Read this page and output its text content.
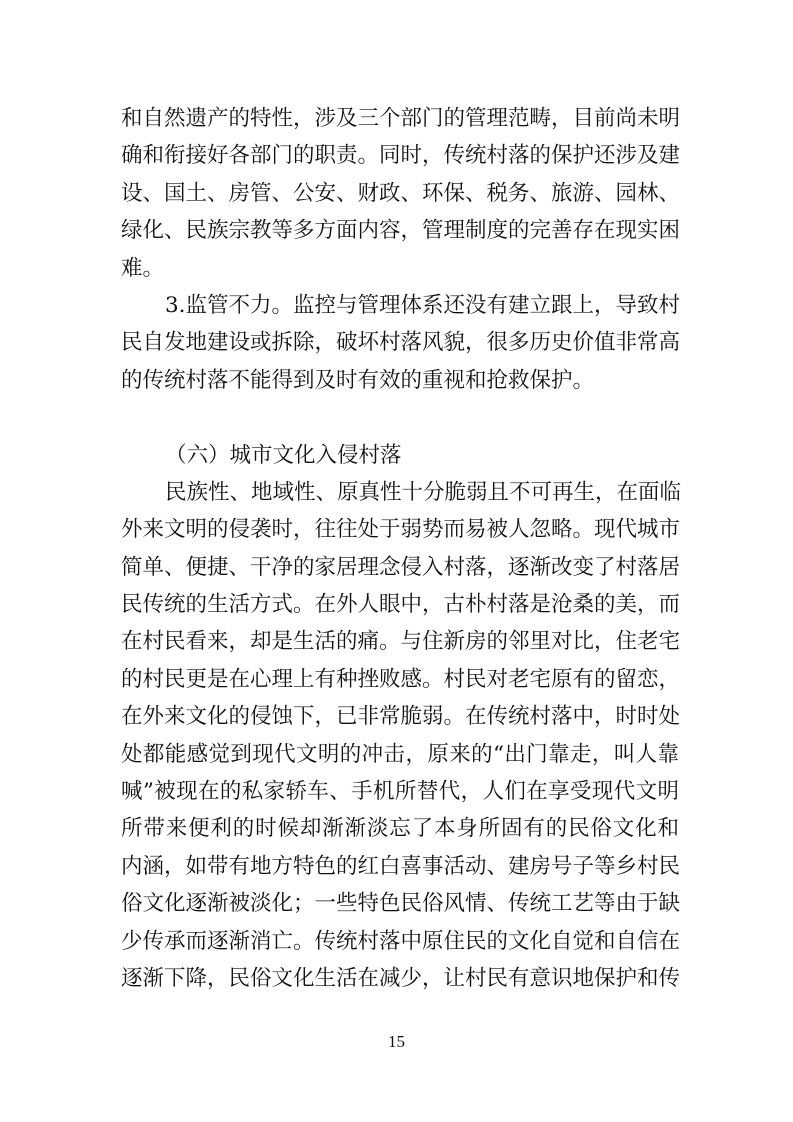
和自然遗产的特性，涉及三个部门的管理范畴，目前尚未明
确和衔接好各部门的职责。同时，传统村落的保护还涉及建
设、国土、房管、公安、财政、环保、税务、旅游、园林、
绿化、民族宗教等多方面内容，管理制度的完善存在现实困
难。
3.监管不力。监控与管理体系还没有建立跟上，导致村
民自发地建设或拆除，破坏村落风貌，很多历史价值非常高
的传统村落不能得到及时有效的重视和抢救保护。
（六）城市文化入侵村落
民族性、地域性、原真性十分脆弱且不可再生，在面临
外来文明的侵袭时，往往处于弱势而易被人忽略。现代城市
简单、便捷、干净的家居理念侵入村落，逐渐改变了村落居
民传统的生活方式。在外人眼中，古朴村落是沧桑的美，而
在村民看来，却是生活的痛。与住新房的邻里对比，住老宅
的村民更是在心理上有种挫败感。村民对老宅原有的留恋，
在外来文化的侵蚀下，已非常脆弱。在传统村落中，时时处
处都能感觉到现代文明的冲击，原来的“出门靠走，叫人靠
喊”被现在的私家轿车、手机所替代，人们在享受现代文明
所带来便利的时候却渐渐淡忘了本身所固有的民俗文化和
内涵，如带有地方特色的红白喜事活动、建房号子等乡村民
俗文化逐渐被淡化；一些特色民俗风情、传统工艺等由于缺
少传承而逐渐消亡。传统村落中原住民的文化自觉和自信在
逐渐下降，民俗文化生活在减少，让村民有意识地保护和传
15
